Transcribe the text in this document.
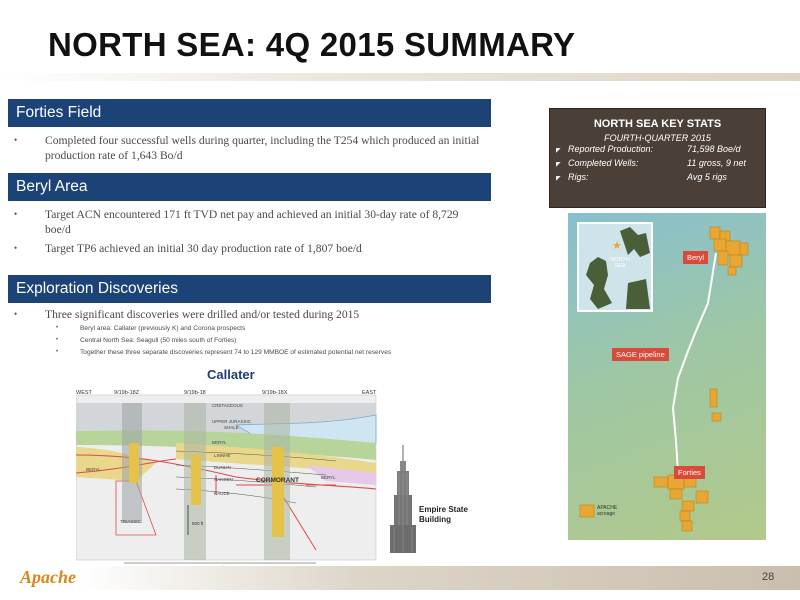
NORTH SEA: 4Q 2015 SUMMARY
Forties Field
• Completed four successful wells during quarter, including the T254 which produced an initial production rate of 1,643 Bo/d
Beryl Area
• Target ACN encountered 171 ft TVD net pay and achieved an initial 30-day rate of 8,729 boe/d
• Target TP6 achieved an initial 30 day production rate of 1,807 boe/d
Exploration Discoveries
• Three significant discoveries were drilled and/or tested during 2015
•	Beryl area: Callater (previously K) and Corona prospects
•	Central North Sea: Seagull (50 miles south of Forties)
•	Together these three separate discoveries represent 74 to 129 MMBOE of estimated potential net reserves
NORTH SEA KEY STATS
FOURTH-QUARTER 2015
◤ Reported Production:	71,598 Boe/d
◤ Completed Wells:	11 gross, 9 net
◤ Rigs:	Avg 5 rigs
★
NORTH SEA
Beryl
SAGE pipeline
Forties
APACHE
acreage
Callater
WEST	EAST
9/19b-18Z	9/19b-18	9/19b-18X
CRETACEOUS
UPPER JURASSIC
SHALE
BERYL
LINNHE
DUNLIN
NANSEN
RAUDE
CORMORANT
TRIASSIC
BERYL
BERYL
500 ft
Empire State
Building
Apache	28
